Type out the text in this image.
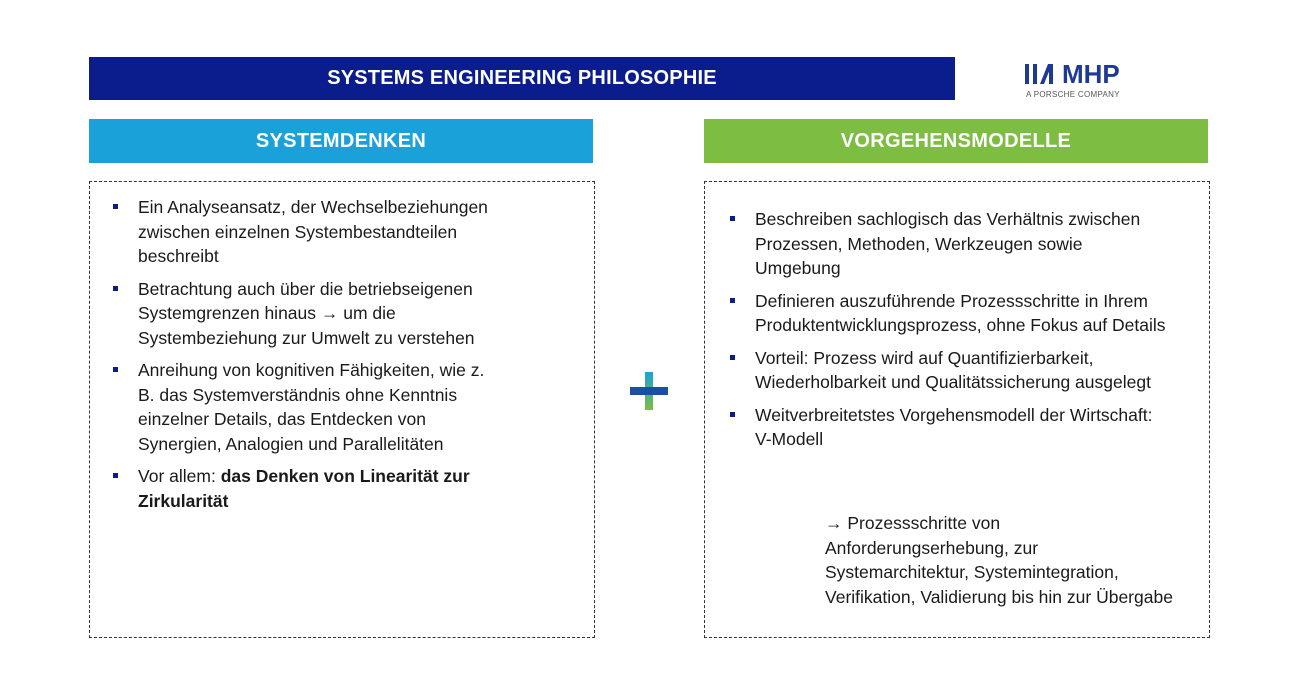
SYSTEMS ENGINEERING PHILOSOPHIE	MHP
A PORSCHE COMPANY
SYSTEMDENKEN	VORGEHENSMODELLE
Ein Analyseansatz, der Wechselbeziehungen zwischen einzelnen Systembestandteilen beschreibt
Betrachtung auch über die betriebseigenen Systemgrenzen hinaus → um die Systembeziehung zur Umwelt zu verstehen
Anreihung von kognitiven Fähigkeiten, wie z. B. das Systemverständnis ohne Kenntnis einzelner Details, das Entdecken von Synergien, Analogien und Parallelitäten
Vor allem: das Denken von Linearität zur Zirkularität
Beschreiben sachlogisch das Verhältnis zwischen Prozessen, Methoden, Werkzeugen sowie Umgebung
Definieren auszuführende Prozessschritte in Ihrem Produktentwicklungsprozess, ohne Fokus auf Details
Vorteil: Prozess wird auf Quantifizierbarkeit, Wiederholbarkeit und Qualitätssicherung ausgelegt
Weitverbreitetstes Vorgehensmodell der Wirtschaft: V-Modell
→ Prozessschritte von Anforderungserhebung, zur Systemarchitektur, Systemintegration, Verifikation, Validierung bis hin zur Übergabe
